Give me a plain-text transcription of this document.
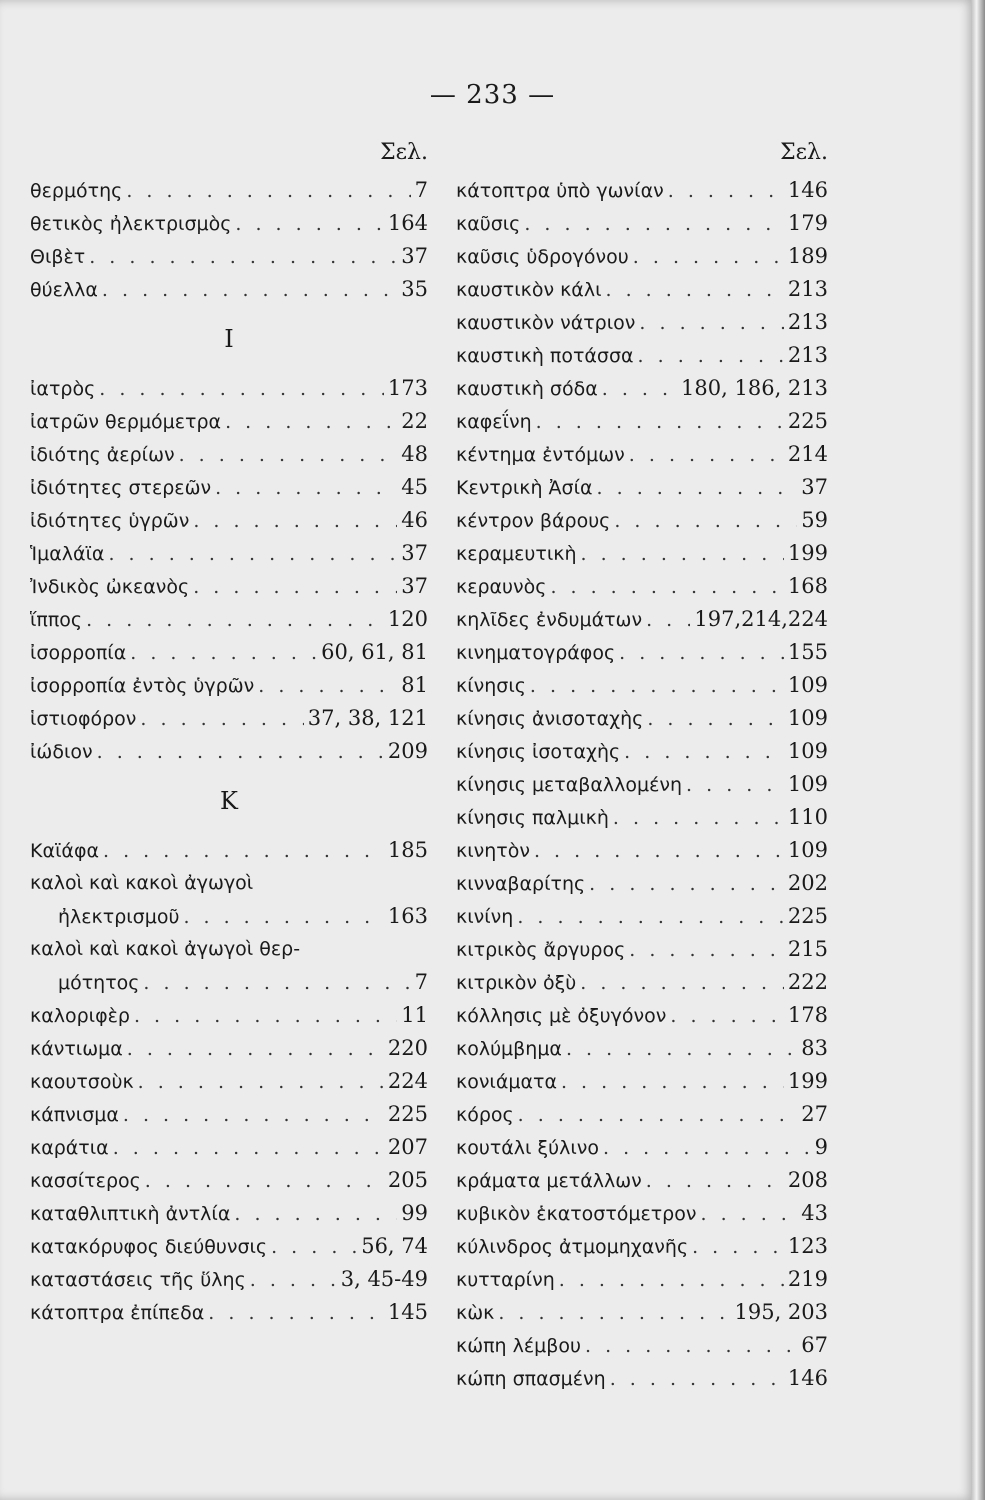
— 233 —
Σελ.
θερμότης . . .	7
θετικὸς ἠλεκτρισμὸς . . .	164
Θιβὲτ . . .	37
θύελλα . . .	35
Ι
ἰατρὸς . . .	173
ἰατρῶν θερμόμετρα . . .	22
ἰδιότης ἀερίων . . .	48
ἰδιότητες στερεῶν . . .	45
ἰδιότητες ὑγρῶν . . .	46
Ἱμαλάϊα . . .	37
Ἰνδικὸς ὠκεανὸς . . .	37
ἵππος . . .	120
ἰσορροπία . . .	60, 61, 81
ἰσορροπία ἐντὸς ὑγρῶν . . .	81
ἱστιοφόρον . . .	37, 38, 121
ἰώδιον . . .	209
Κ
Καϊάφα . . .	185
καλοὶ καὶ κακοὶ ἀγωγοὶ
ἠλεκτρισμοῦ . . .	163
καλοὶ καὶ κακοὶ ἀγωγοὶ θερ-
μότητος . . .	7
καλοριφὲρ . . .	11
κάντιωμα . . .	220
καουτσοὺκ . . .	224
κάπνισμα . . .	225
καράτια . . .	207
κασσίτερος . . .	205
καταθλιπτικὴ ἀντλία . . .	99
κατακόρυφος διεύθυνσις . . .	56, 74
καταστάσεις τῆς ὕλης . . .	3, 45-49
κάτοπτρα ἐπίπεδα . . .	145
Σελ.
κάτοπτρα ὑπὸ γωνίαν . . .	146
καῦσις . . .	179
καῦσις ὑδρογόνου . . .	189
καυστικὸν κάλι . . .	213
καυστικὸν νάτριον . . .	213
καυστικὴ ποτάσσα . . .	213
καυστικὴ σόδα . . .	180, 186, 213
καφεΐνη . . .	225
κέντημα ἐντόμων . . .	214
Κεντρικὴ Ἀσία . . .	37
κέντρον βάρους . . .	59
κεραμευτικὴ . . .	199
κεραυνὸς . . .	168
κηλῖδες ἐνδυμάτων . . . 197,214,224
κινηματογράφος . . .	155
κίνησις . . .	109
κίνησις ἀνισοταχὴς . . .	109
κίνησις ἰσοταχὴς . . .	109
κίνησις μεταβαλλομένη . . .	109
κίνησις παλμικὴ . . .	110
κινητὸν . . .	109
κινναβαρίτης . . .	202
κινίνη . . .	225
κιτρικὸς ἄργυρος . . .	215
κιτρικὸν ὀξὺ . . .	222
κόλλησις μὲ ὀξυγόνον . . .	178
κολύμβημα . . .	83
κονιάματα . . .	199
κόρος . . .	27
κουτάλι ξύλινο . . .	9
κράματα μετάλλων . . .	208
κυβικὸν ἑκατοστόμετρον . . .	43
κύλινδρος ἀτμομηχανῆς . . .	123
κυτταρίνη . . .	219
κὼκ . . .	195, 203
κώπη λέμβου . . .	67
κώπη σπασμένη . . .	146
